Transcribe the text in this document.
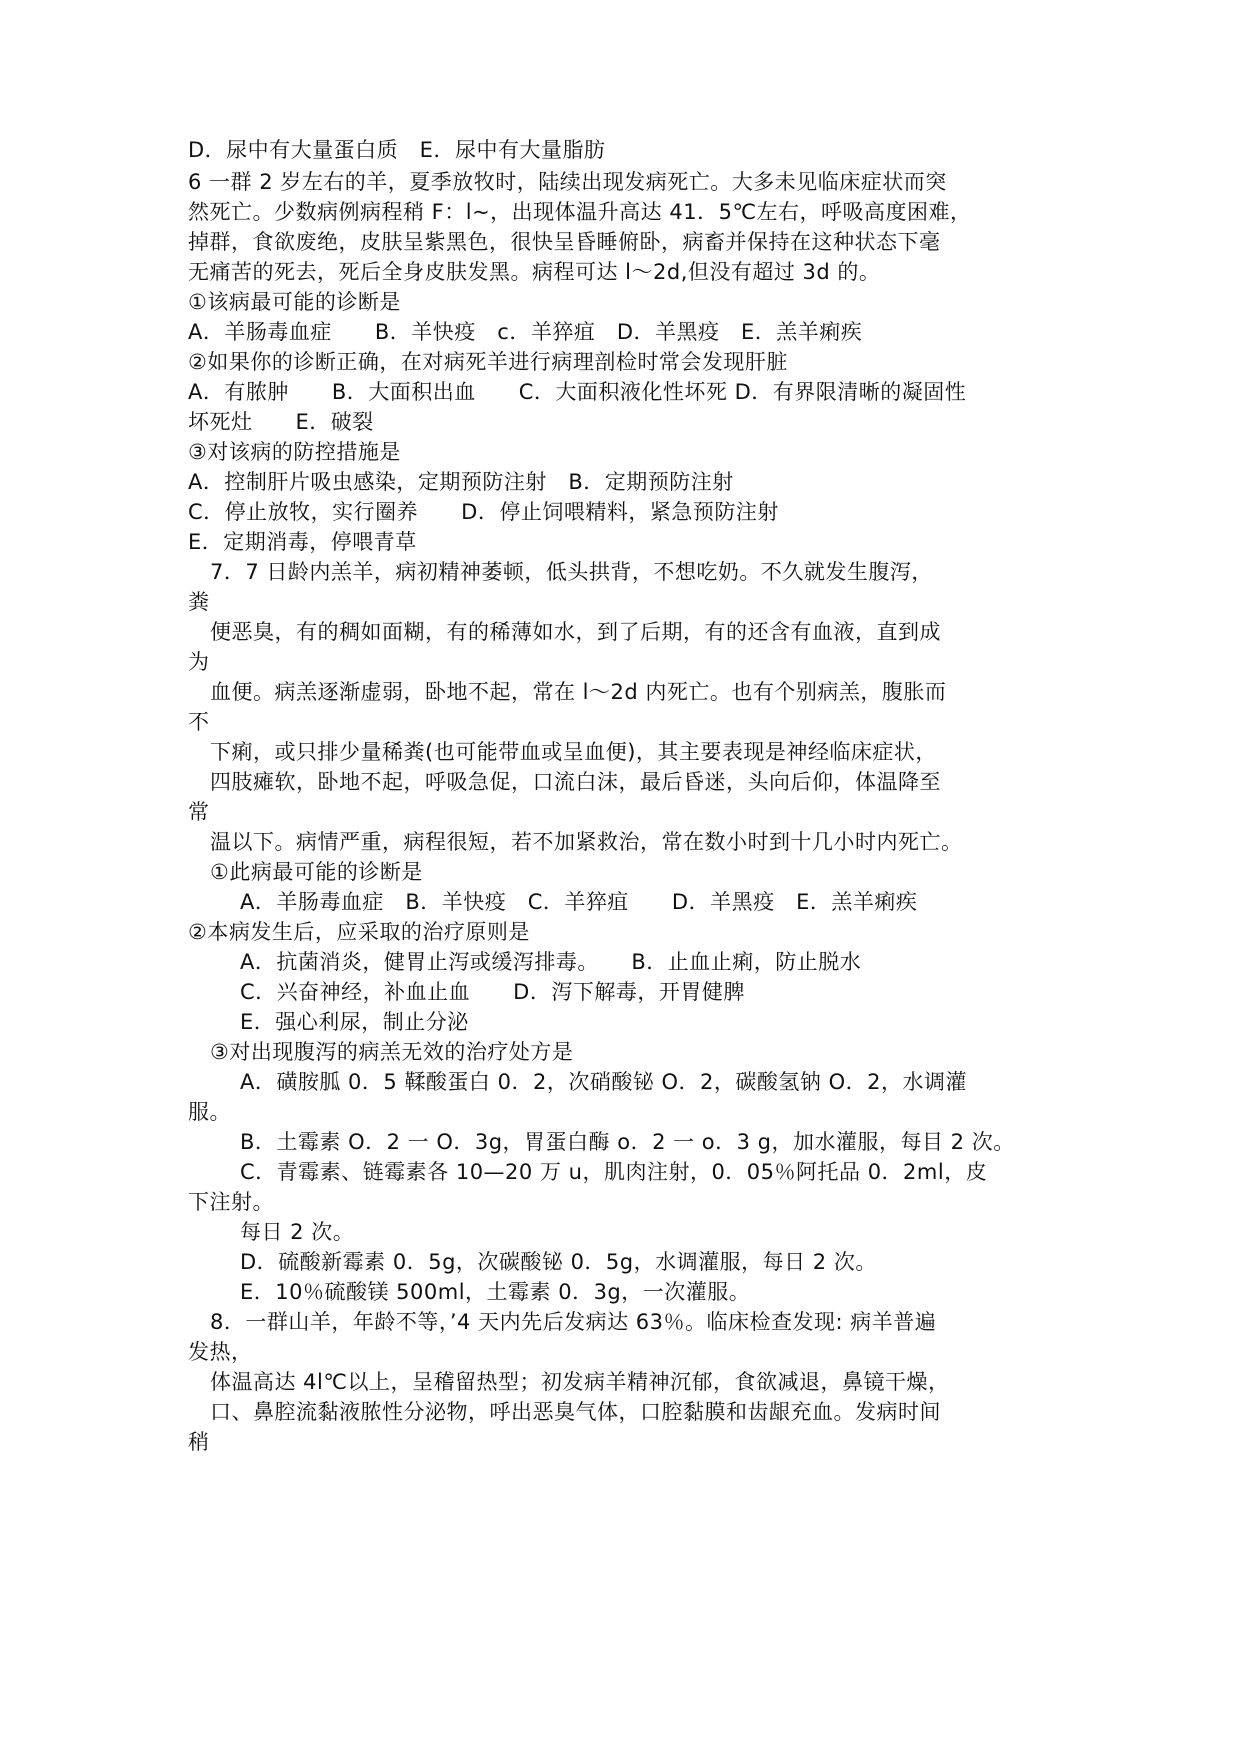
D．尿中有大量蛋白质　E．尿中有大量脂肪
6 一群 2 岁左右的羊，夏季放牧时，陆续出现发病死亡。大多未见临床症状而突
然死亡。少数病例病程稍 F：l~，出现体温升高达 41．5℃左右，呼吸高度困难，
掉群，食欲废绝，皮肤呈紫黑色，很快呈昏睡俯卧，病畜并保持在这种状态下毫
无痛苦的死去，死后全身皮肤发黑。病程可达 l～2d,但没有超过 3d 的。
①该病最可能的诊断是
A．羊肠毒血症　　B．羊快疫　c．羊猝疽　D．羊黑疫　E．羔羊痢疾
②如果你的诊断正确，在对病死羊进行病理剖检时常会发现肝脏
A．有脓肿　　B．大面积出血　　C．大面积液化性坏死 D．有界限清晰的凝固性
坏死灶　　E．破裂
③对该病的防控措施是
A．控制肝片吸虫感染，定期预防注射　B．定期预防注射
C．停止放牧，实行圈养　　D．停止饲喂精料，紧急预防注射
E．定期消毒，停喂青草
7．7 日龄内羔羊，病初精神萎顿，低头拱背，不想吃奶。不久就发生腹泻，
粪
便恶臭，有的稠如面糊，有的稀薄如水，到了后期，有的还含有血液，直到成
为
血便。病羔逐渐虚弱，卧地不起，常在 l～2d 内死亡。也有个别病羔，腹胀而
不
下痢，或只排少量稀粪(也可能带血或呈血便)，其主要表现是神经临床症状，
四肢瘫软，卧地不起，呼吸急促，口流白沫，最后昏迷，头向后仰，体温降至
常
温以下。病情严重，病程很短，若不加紧救治，常在数小时到十几小时内死亡。
①此病最可能的诊断是
A．羊肠毒血症　B．羊快疫　C．羊猝疽　　D．羊黑疫　E．羔羊痢疾
②本病发生后，应采取的治疗原则是
A．抗菌消炎，健胃止泻或缓泻排毒。　　B．止血止痢，防止脱水
C．兴奋神经，补血止血　　D．泻下解毒，开胃健脾
E．强心利尿，制止分泌
③对出现腹泻的病羔无效的治疗处方是
A．磺胺胍 0．5 鞣酸蛋白 0．2，次硝酸铋 O．2，碳酸氢钠 O．2，水调灌
服。
B．土霉素 O．2 一 O．3g，胃蛋白酶 o．2 一 o．3 g，加水灌服，每目 2 次。
C．青霉素、链霉素各 10—20 万 u，肌肉注射，0．05％阿托品 0．2ml，皮
下注射。
每日 2 次。
D．硫酸新霉素 0．5g，次碳酸铋 0．5g，水调灌服，每日 2 次。
E．10％硫酸镁 500ml，土霉素 0．3g，一次灌服。
8．一群山羊，年龄不等，’4 天内先后发病达 63％。临床检查发现: 病羊普遍
发热，
体温高达 4l℃以上，呈稽留热型；初发病羊精神沉郁，食欲减退，鼻镜干燥，
口、鼻腔流黏液脓性分泌物，呼出恶臭气体，口腔黏膜和齿龈充血。发病时间
稍
